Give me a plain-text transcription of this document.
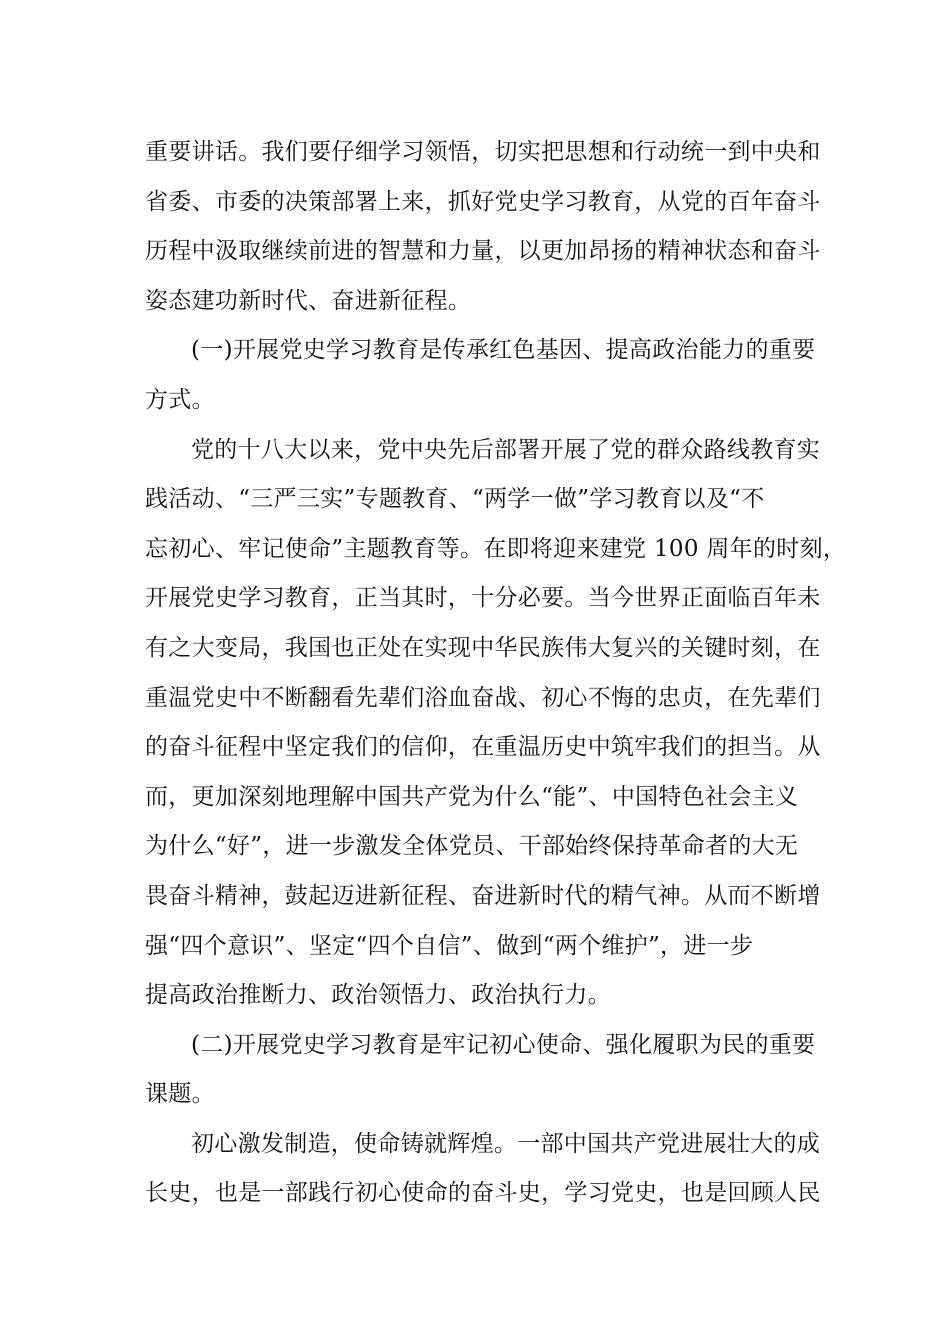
重要讲话。我们要仔细学习领悟，切实把思想和行动统一到中央和
省委、市委的决策部署上来，抓好党史学习教育，从党的百年奋斗
历程中汲取继续前进的智慧和力量，以更加昂扬的精神状态和奋斗
姿态建功新时代、奋进新征程。
(一)开展党史学习教育是传承红色基因、提高政治能力的重要
方式。
党的十八大以来，党中央先后部署开展了党的群众路线教育实
践活动、“三严三实”专题教育、“两学一做”学习教育以及“不
忘初心、牢记使命”主题教育等。在即将迎来建党 100 周年的时刻，
开展党史学习教育，正当其时，十分必要。当今世界正面临百年未
有之大变局，我国也正处在实现中华民族伟大复兴的关键时刻，在
重温党史中不断翻看先辈们浴血奋战、初心不悔的忠贞，在先辈们
的奋斗征程中坚定我们的信仰，在重温历史中筑牢我们的担当。从
而，更加深刻地理解中国共产党为什么“能”、中国特色社会主义
为什么“好”，进一步激发全体党员、干部始终保持革命者的大无
畏奋斗精神，鼓起迈进新征程、奋进新时代的精气神。从而不断增
强“四个意识”、坚定“四个自信”、做到“两个维护”，进一步
提高政治推断力、政治领悟力、政治执行力。
(二)开展党史学习教育是牢记初心使命、强化履职为民的重要
课题。
初心激发制造，使命铸就辉煌。一部中国共产党进展壮大的成
长史，也是一部践行初心使命的奋斗史，学习党史，也是回顾人民
